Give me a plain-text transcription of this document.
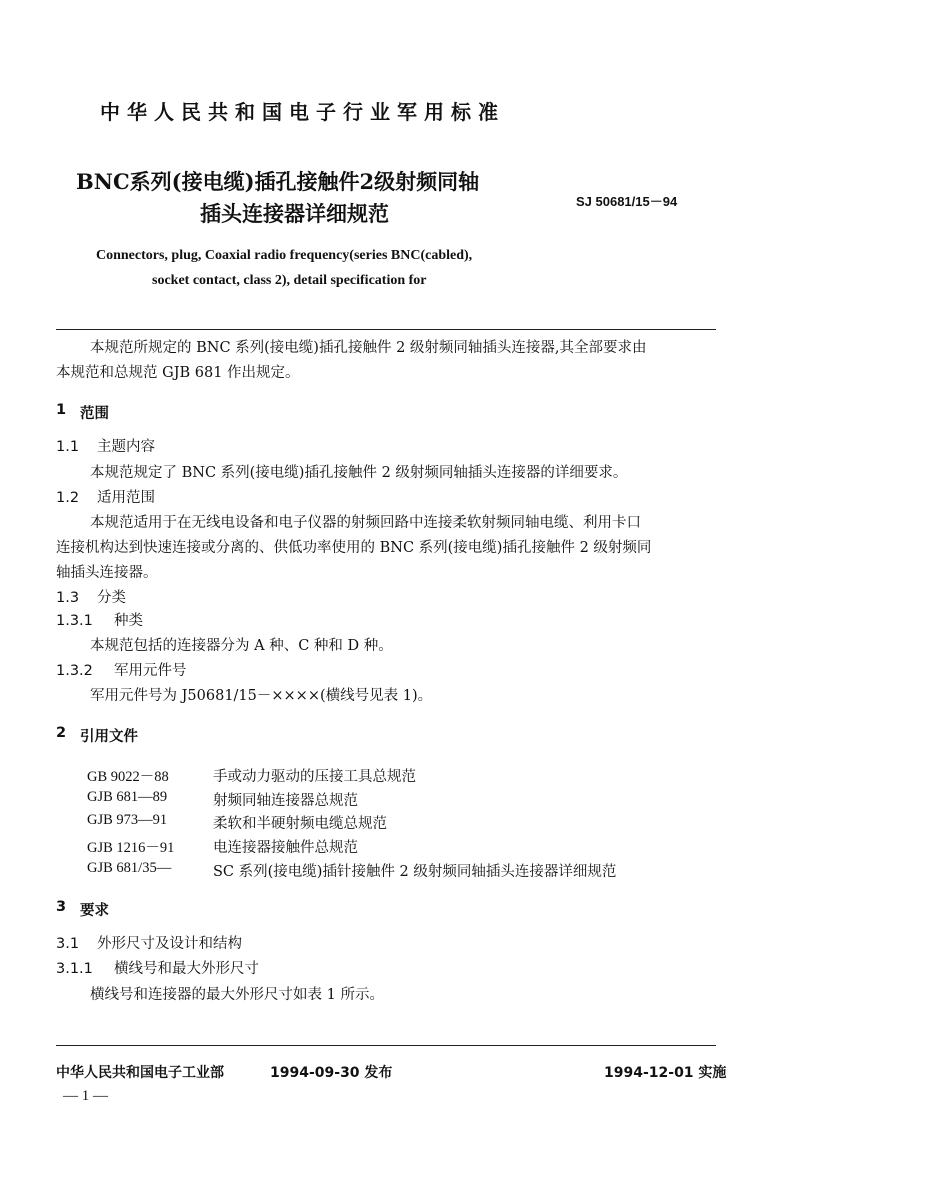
中华人民共和国电子行业军用标准
BNC系列(接电缆)插孔接触件2级射频同轴
插头连接器详细规范	SJ 50681/15－94
Connectors, plug, Coaxial radio frequency(series BNC(cabled),
socket contact, class 2), detail specification for
本规范所规定的 BNC 系列(接电缆)插孔接触件 2 级射频同轴插头连接器,其全部要求由
本规范和总规范 GJB 681 作出规定。
1 范围
1.1 主题内容
本规范规定了 BNC 系列(接电缆)插孔接触件 2 级射频同轴插头连接器的详细要求。
1.2 适用范围
本规范适用于在无线电设备和电子仪器的射频回路中连接柔软射频同轴电缆、利用卡口
连接机构达到快速连接或分离的、供低功率使用的 BNC 系列(接电缆)插孔接触件 2 级射频同
轴插头连接器。
1.3 分类
1.3.1 种类
本规范包括的连接器分为 A 种、C 种和 D 种。
1.3.2 军用元件号
军用元件号为 J50681/15－××××(横线号见表 1)。
2 引用文件
GB 9022－88	手或动力驱动的压接工具总规范
GJB 681—89	射频同轴连接器总规范
GJB 973—91	柔软和半硬射频电缆总规范
GJB 1216－91	电连接器接触件总规范
GJB 681/35—	SC 系列(接电缆)插针接触件 2 级射频同轴插头连接器详细规范
3 要求
3.1 外形尺寸及设计和结构
3.1.1 横线号和最大外形尺寸
横线号和连接器的最大外形尺寸如表 1 所示。
中华人民共和国电子工业部	1994-09-30 发布	1994-12-01 实施
— 1 —
